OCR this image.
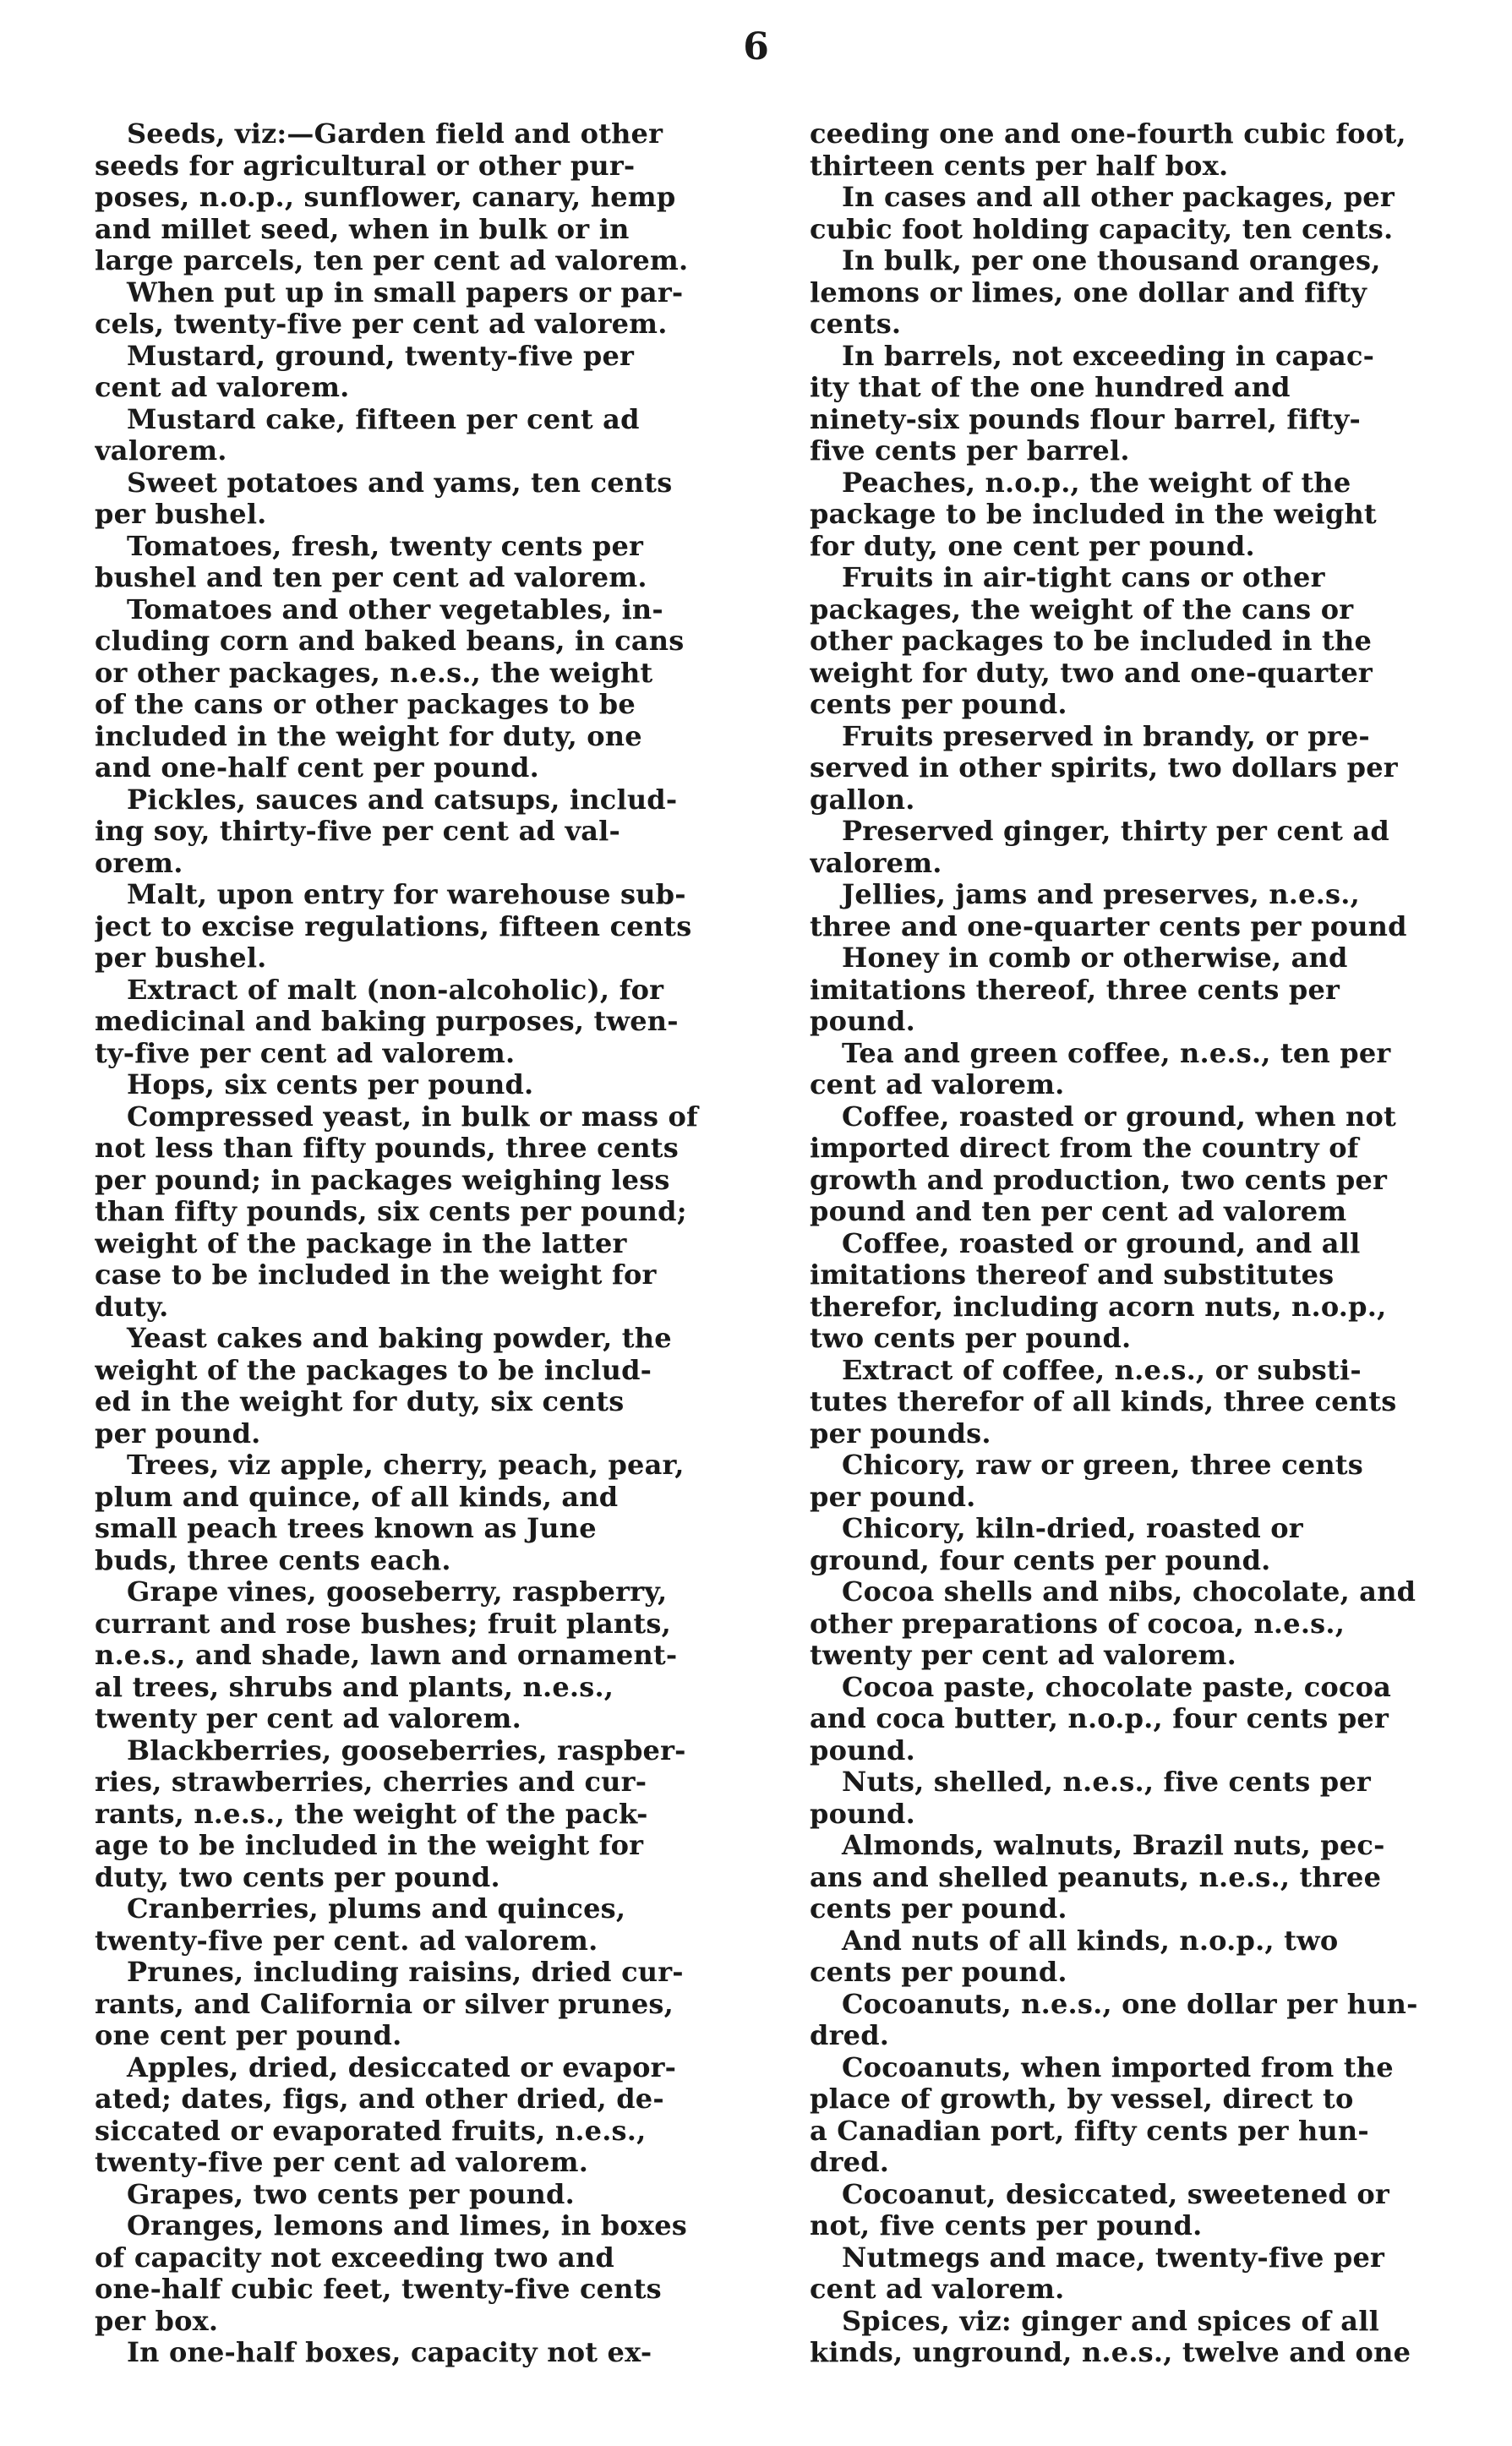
6
Seeds, viz:—Garden field and other
seeds for agricultural or other pur-
poses, n.o.p., sunflower, canary, hemp
and millet seed, when in bulk or in
large parcels, ten per cent ad valorem.
When put up in small papers or par-
cels, twenty-five per cent ad valorem.
Mustard, ground, twenty-five per
cent ad valorem.
Mustard cake, fifteen per cent ad
valorem.
Sweet potatoes and yams, ten cents
per bushel.
Tomatoes, fresh, twenty cents per
bushel and ten per cent ad valorem.
Tomatoes and other vegetables, in-
cluding corn and baked beans, in cans
or other packages, n.e.s., the weight
of the cans or other packages to be
included in the weight for duty, one
and one-half cent per pound.
Pickles, sauces and catsups, includ-
ing soy, thirty-five per cent ad val-
orem.
Malt, upon entry for warehouse sub-
ject to excise regulations, fifteen cents
per bushel.
Extract of malt (non-alcoholic), for
medicinal and baking purposes, twen-
ty-five per cent ad valorem.
Hops, six cents per pound.
Compressed yeast, in bulk or mass of
not less than fifty pounds, three cents
per pound; in packages weighing less
than fifty pounds, six cents per pound;
weight of the package in the latter
case to be included in the weight for
duty.
Yeast cakes and baking powder, the
weight of the packages to be includ-
ed in the weight for duty, six cents
per pound.
Trees, viz apple, cherry, peach, pear,
plum and quince, of all kinds, and
small peach trees known as June
buds, three cents each.
Grape vines, gooseberry, raspberry,
currant and rose bushes; fruit plants,
n.e.s., and shade, lawn and ornament-
al trees, shrubs and plants, n.e.s.,
twenty per cent ad valorem.
Blackberries, gooseberries, raspber-
ries, strawberries, cherries and cur-
rants, n.e.s., the weight of the pack-
age to be included in the weight for
duty, two cents per pound.
Cranberries, plums and quinces,
twenty-five per cent. ad valorem.
Prunes, including raisins, dried cur-
rants, and California or silver prunes,
one cent per pound.
Apples, dried, desiccated or evapor-
ated; dates, figs, and other dried, de-
siccated or evaporated fruits, n.e.s.,
twenty-five per cent ad valorem.
Grapes, two cents per pound.
Oranges, lemons and limes, in boxes
of capacity not exceeding two and
one-half cubic feet, twenty-five cents
per box.
In one-half boxes, capacity not ex-
ceeding one and one-fourth cubic foot,
thirteen cents per half box.
In cases and all other packages, per
cubic foot holding capacity, ten cents.
In bulk, per one thousand oranges,
lemons or limes, one dollar and fifty
cents.
In barrels, not exceeding in capac-
ity that of the one hundred and
ninety-six pounds flour barrel, fifty-
five cents per barrel.
Peaches, n.o.p., the weight of the
package to be included in the weight
for duty, one cent per pound.
Fruits in air-tight cans or other
packages, the weight of the cans or
other packages to be included in the
weight for duty, two and one-quarter
cents per pound.
Fruits preserved in brandy, or pre-
served in other spirits, two dollars per
gallon.
Preserved ginger, thirty per cent ad
valorem.
Jellies, jams and preserves, n.e.s.,
three and one-quarter cents per pound
Honey in comb or otherwise, and
imitations thereof, three cents per
pound.
Tea and green coffee, n.e.s., ten per
cent ad valorem.
Coffee, roasted or ground, when not
imported direct from the country of
growth and production, two cents per
pound and ten per cent ad valorem
Coffee, roasted or ground, and all
imitations thereof and substitutes
therefor, including acorn nuts, n.o.p.,
two cents per pound.
Extract of coffee, n.e.s., or substi-
tutes therefor of all kinds, three cents
per pounds.
Chicory, raw or green, three cents
per pound.
Chicory, kiln-dried, roasted or
ground, four cents per pound.
Cocoa shells and nibs, chocolate, and
other preparations of cocoa, n.e.s.,
twenty per cent ad valorem.
Cocoa paste, chocolate paste, cocoa
and coca butter, n.o.p., four cents per
pound.
Nuts, shelled, n.e.s., five cents per
pound.
Almonds, walnuts, Brazil nuts, pec-
ans and shelled peanuts, n.e.s., three
cents per pound.
And nuts of all kinds, n.o.p., two
cents per pound.
Cocoanuts, n.e.s., one dollar per hun-
dred.
Cocoanuts, when imported from the
place of growth, by vessel, direct to
a Canadian port, fifty cents per hun-
dred.
Cocoanut, desiccated, sweetened or
not, five cents per pound.
Nutmegs and mace, twenty-five per
cent ad valorem.
Spices, viz: ginger and spices of all
kinds, unground, n.e.s., twelve and one
